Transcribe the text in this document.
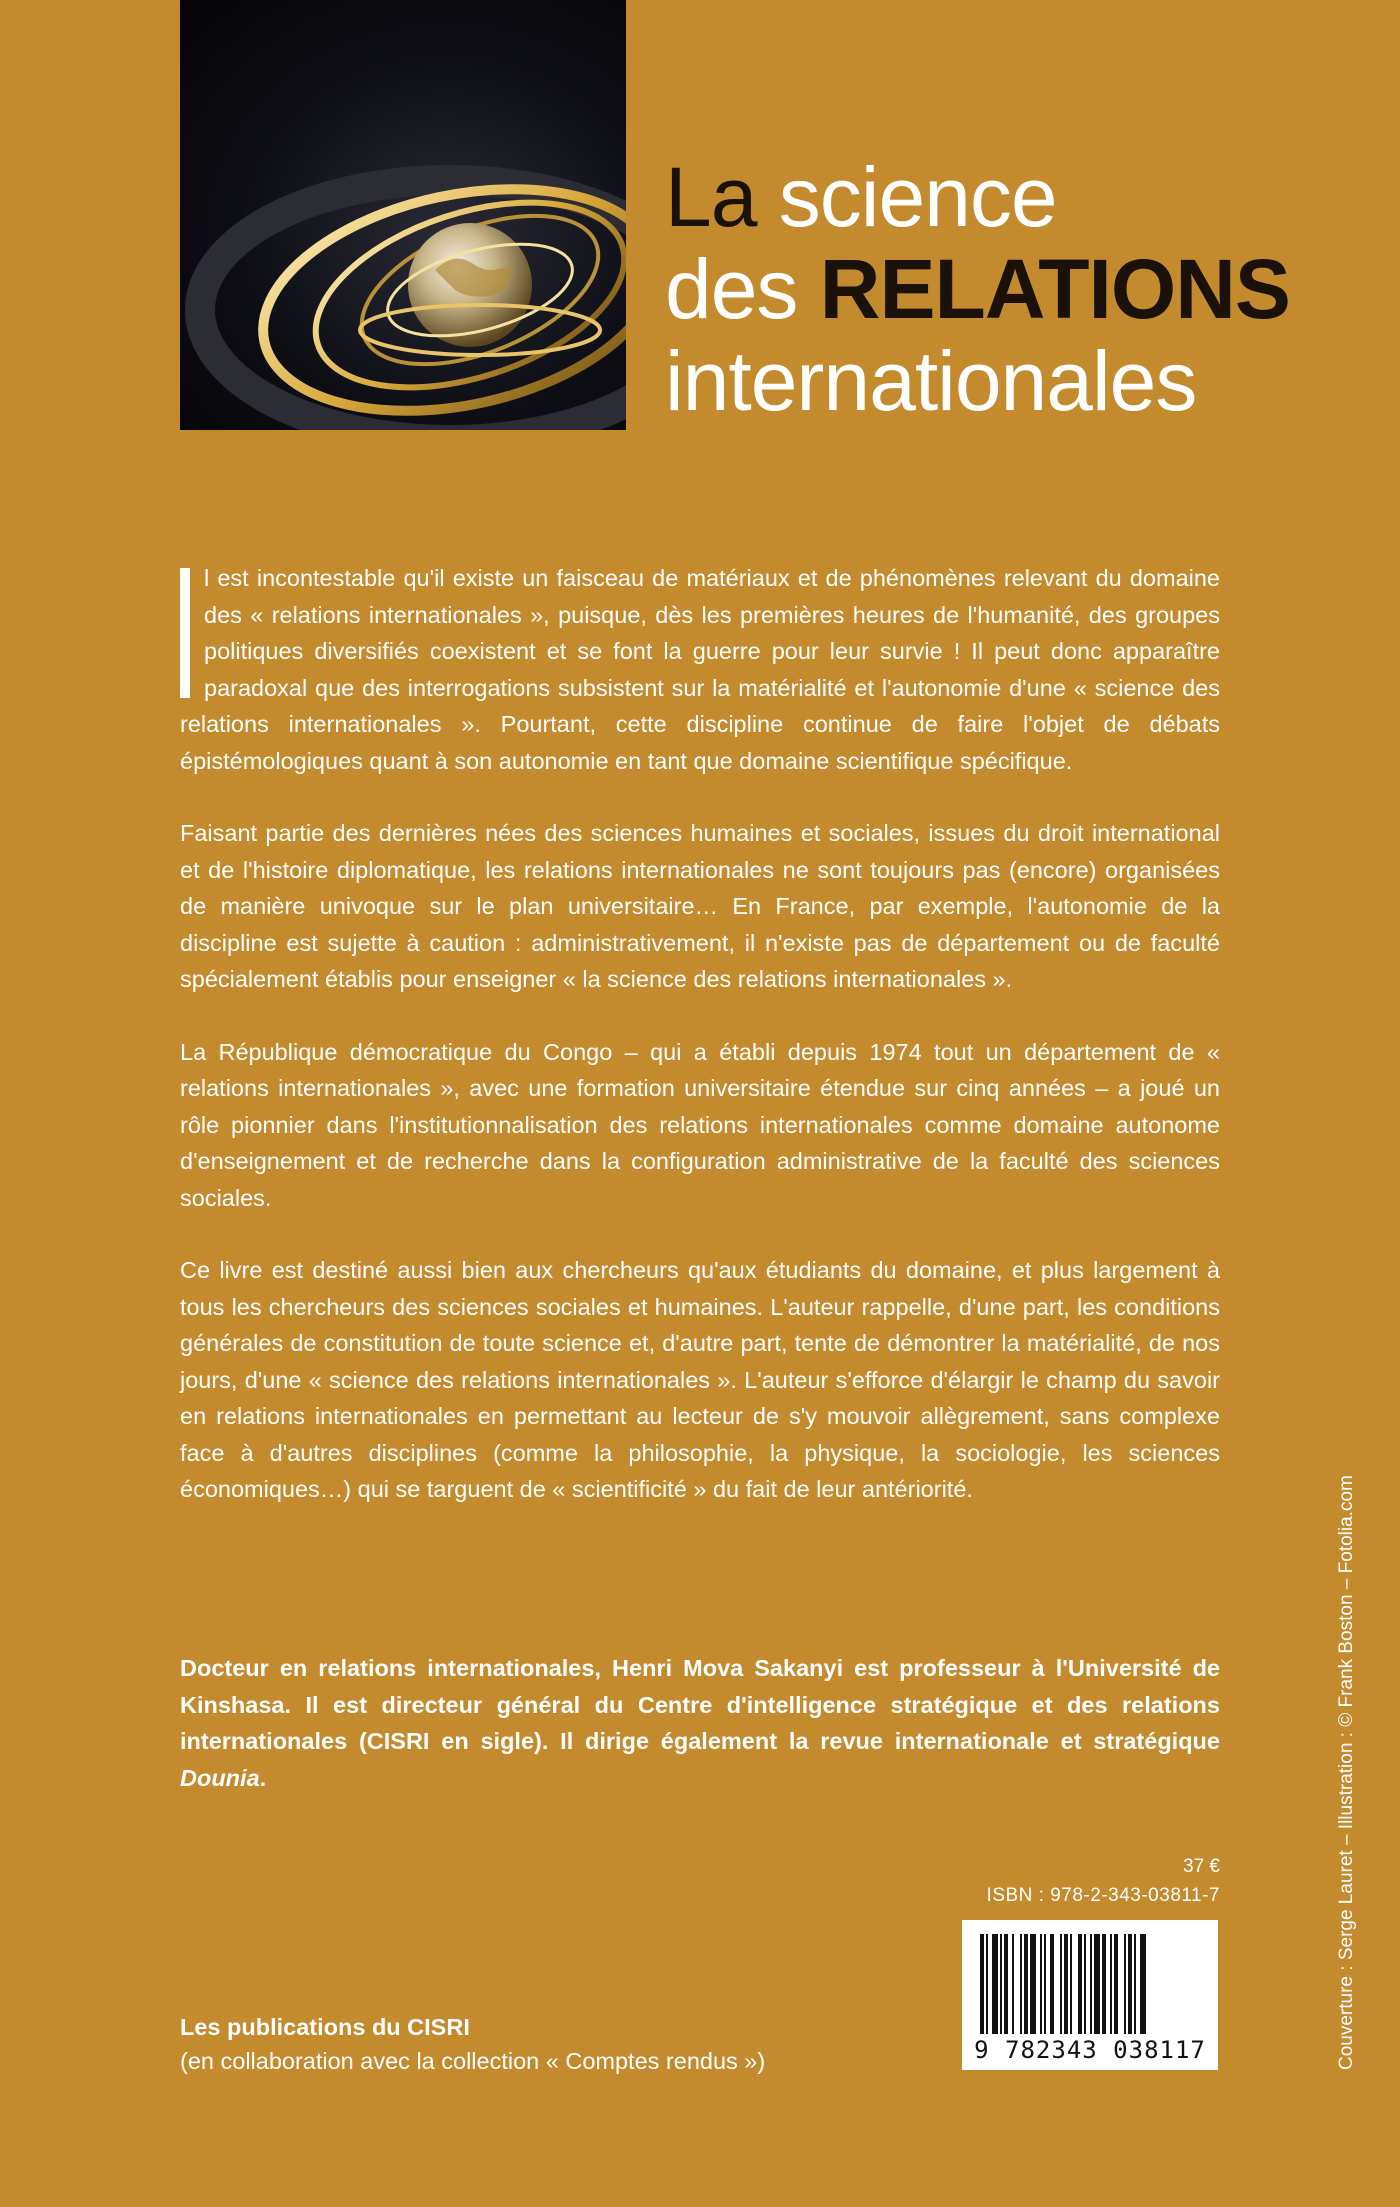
La science
des RELATIONS
internationales

l est incontestable qu'il existe un faisceau de matériaux et de phénomènes relevant du domaine des « relations internationales », puisque, dès les premières heures de l'humanité, des groupes politiques diversifiés coexistent et se font la guerre pour leur survie ! Il peut donc apparaître paradoxal que des interrogations subsistent sur la matérialité et l'autonomie d'une « science des relations internationales ». Pourtant, cette discipline continue de faire l'objet de débats épistémologiques quant à son autonomie en tant que domaine scientifique spécifique.

Faisant partie des dernières nées des sciences humaines et sociales, issues du droit international et de l'histoire diplomatique, les relations internationales ne sont toujours pas (encore) organisées de manière univoque sur le plan universitaire… En France, par exemple, l'autonomie de la discipline est sujette à caution : administrativement, il n'existe pas de département ou de faculté spécialement établis pour enseigner « la science des relations internationales ».

La République démocratique du Congo – qui a établi depuis 1974 tout un département de « relations internationales », avec une formation universitaire étendue sur cinq années – a joué un rôle pionnier dans l'institutionnalisation des relations internationales comme domaine autonome d'enseignement et de recherche dans la configuration administrative de la faculté des sciences sociales.

Ce livre est destiné aussi bien aux chercheurs qu'aux étudiants du domaine, et plus largement à tous les chercheurs des sciences sociales et humaines. L'auteur rappelle, d'une part, les conditions générales de constitution de toute science et, d'autre part, tente de démontrer la matérialité, de nos jours, d'une « science des relations internationales ». L'auteur s'efforce d'élargir le champ du savoir en relations internationales en permettant au lecteur de s'y mouvoir allègrement, sans complexe face à d'autres disciplines (comme la philosophie, la physique, la sociologie, les sciences économiques…) qui se targuent de « scientificité » du fait de leur antériorité.

Docteur en relations internationales, Henri Mova Sakanyi est professeur à l'Université de Kinshasa. Il est directeur général du Centre d'intelligence stratégique et des relations internationales (CISRI en sigle). Il dirige également la revue internationale et stratégique Dounia.
37 €
ISBN : 978-2-343-03811-7
9 782343 038117
Les publications du CISRI
(en collaboration avec la collection « Comptes rendus »)	Couverture : Serge Lauret – Illustration : © Frank Boston – Fotolia.com
